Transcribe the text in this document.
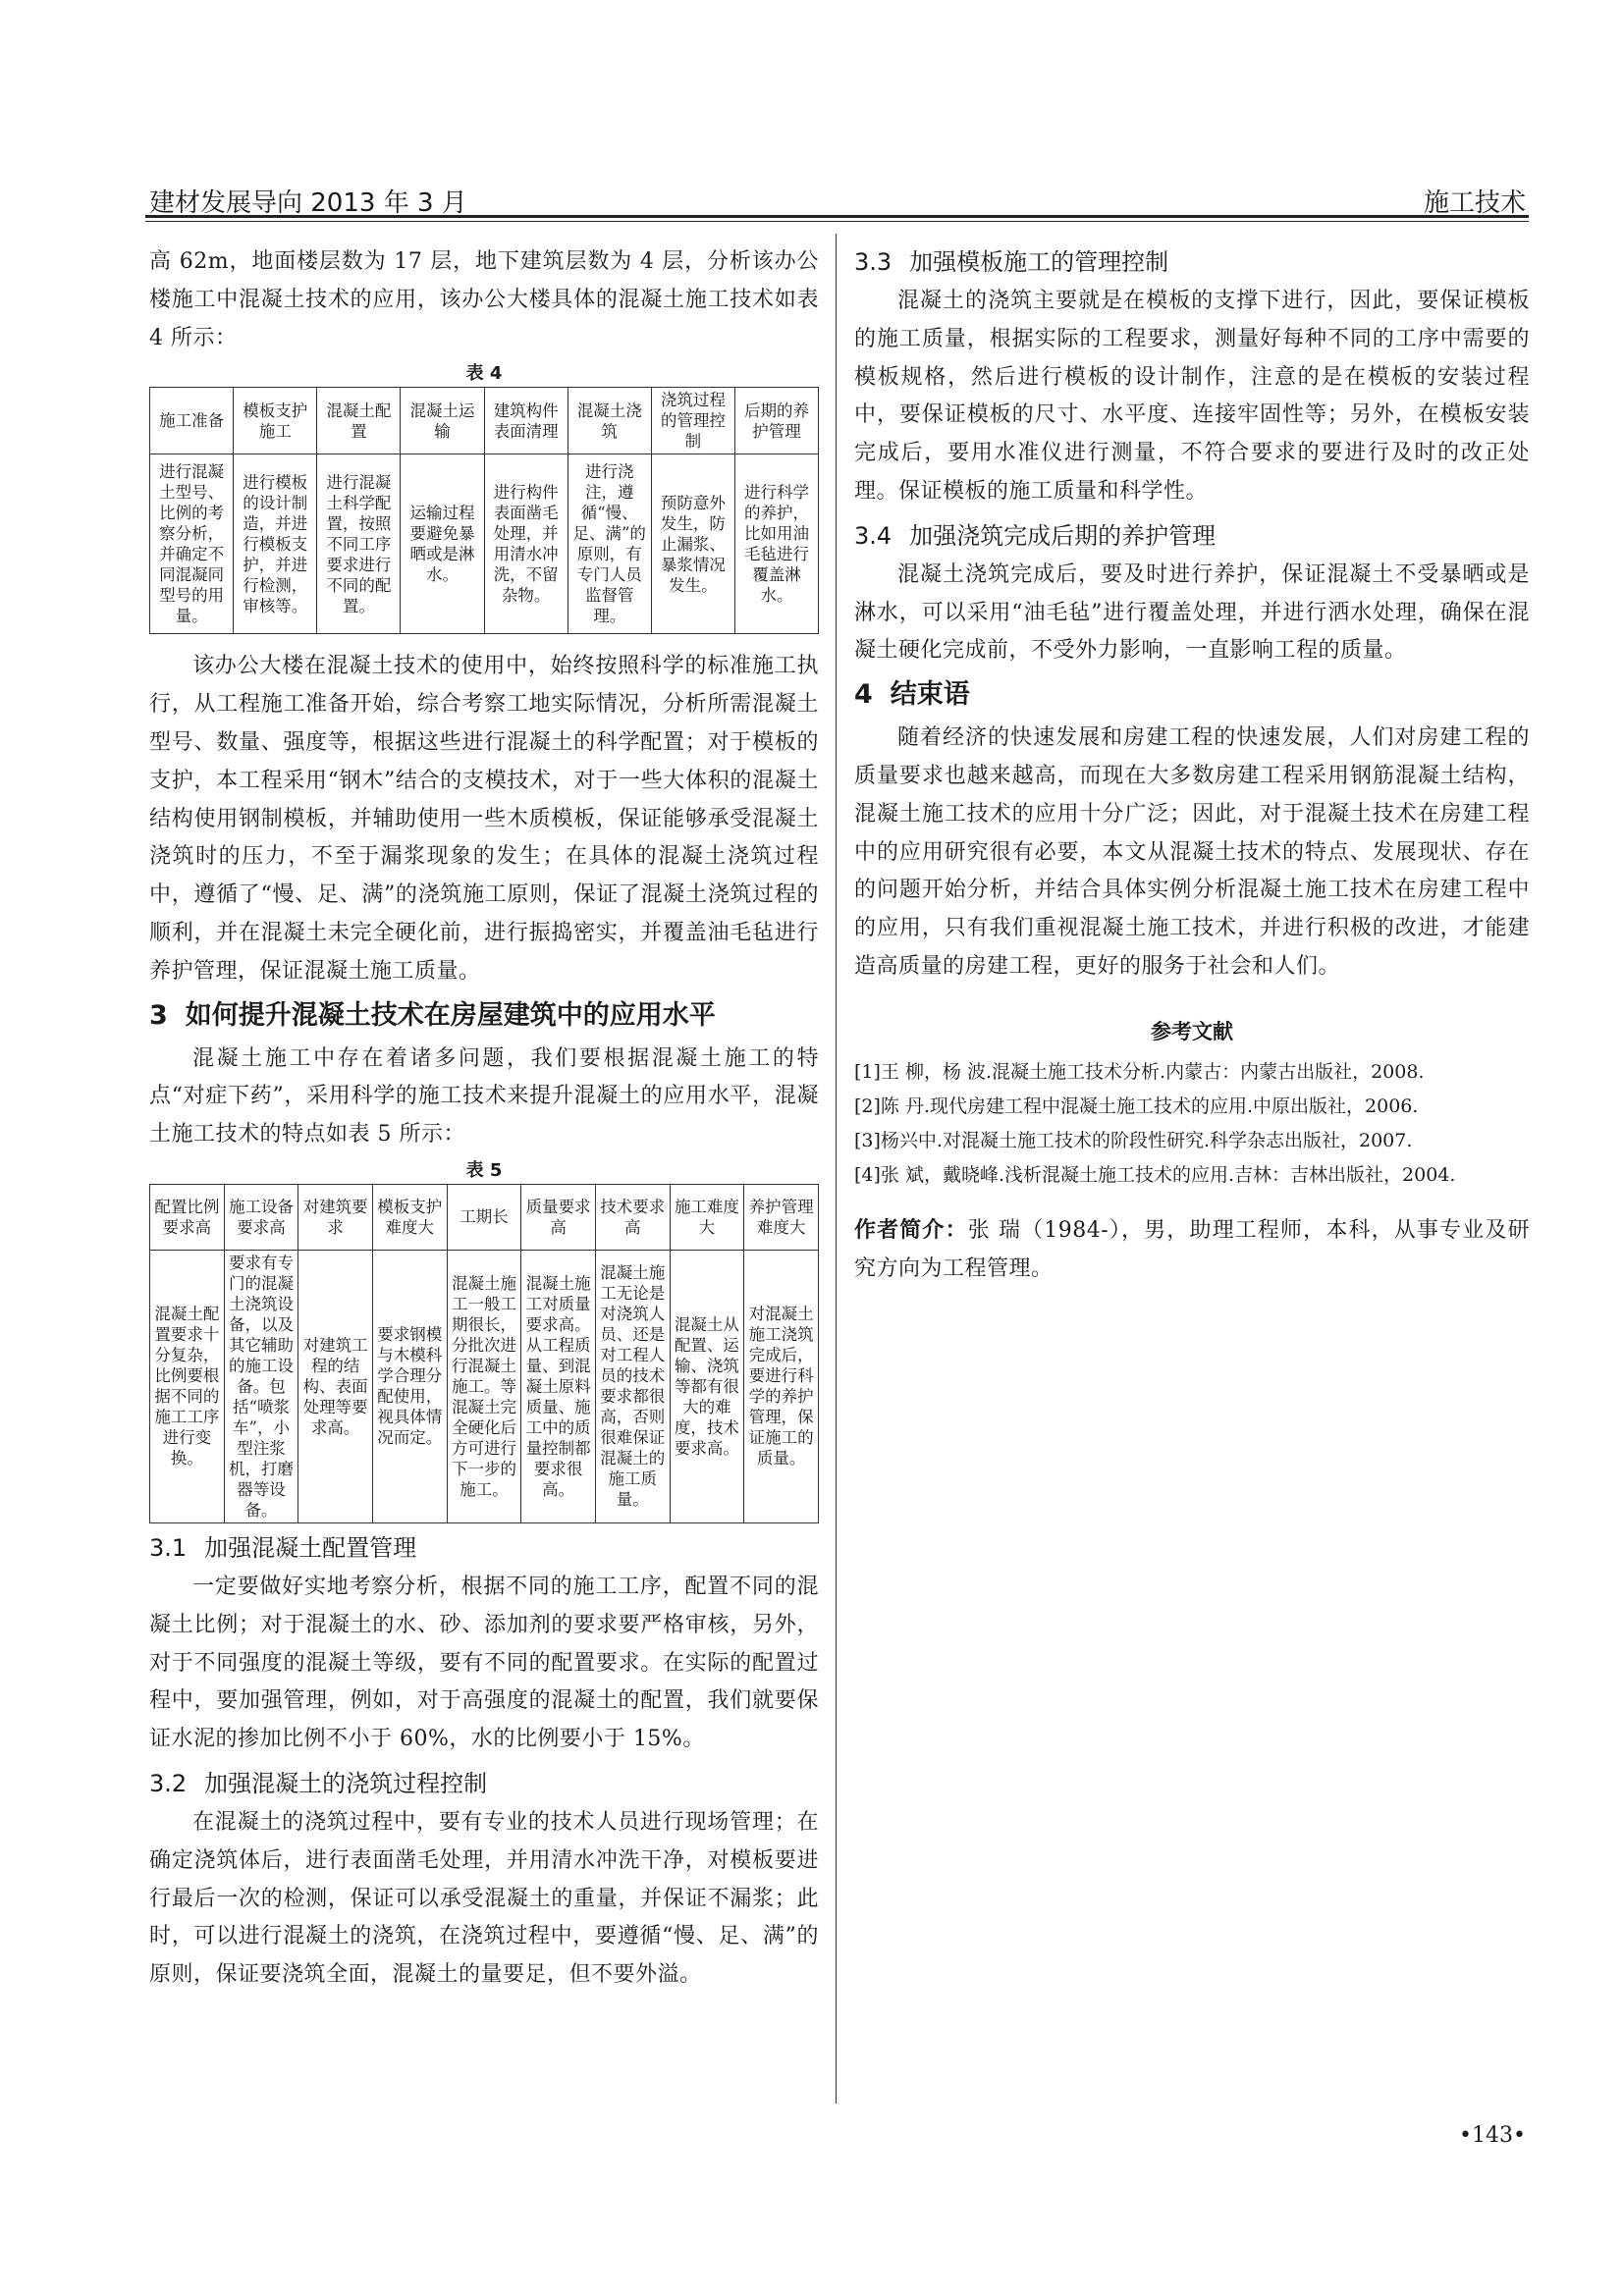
建材发展导向 2013 年 3 月	施工技术

高 62m，地面楼层数为 17 层，地下建筑层数为 4 层，分析该办公楼施工中混凝土技术的应用，该办公大楼具体的混凝土施工技术如表 4 所示：

表 4
施工准备	模板支护施工	混凝土配置	混凝土运输	建筑构件表面清理	混凝土浇筑	浇筑过程的管理控制	后期的养护管理
进行混凝土型号、比例的考察分析，并确定不同混凝同型号的用量。	进行模板的设计制造，并进行模板支护，并进行检测，审核等。	进行混凝土科学配置，按照不同工序要求进行不同的配置。	运输过程要避免暴晒或是淋水。	进行构件表面凿毛处理，并用清水冲洗，不留杂物。	进行浇注，遵循“慢、足、满”的原则，有专门人员监督管理。	预防意外发生，防止漏浆、暴浆情况发生。	进行科学的养护，比如用油毛毡进行覆盖淋水。

该办公大楼在混凝土技术的使用中，始终按照科学的标准施工执行，从工程施工准备开始，综合考察工地实际情况，分析所需混凝土型号、数量、强度等，根据这些进行混凝土的科学配置；对于模板的支护，本工程采用“钢木”结合的支模技术，对于一些大体积的混凝土结构使用钢制模板，并辅助使用一些木质模板，保证能够承受混凝土浇筑时的压力，不至于漏浆现象的发生；在具体的混凝土浇筑过程中，遵循了“慢、足、满”的浇筑施工原则，保证了混凝土浇筑过程的顺利，并在混凝土未完全硬化前，进行振捣密实，并覆盖油毛毡进行养护管理，保证混凝土施工质量。

3 如何提升混凝土技术在房屋建筑中的应用水平

混凝土施工中存在着诸多问题，我们要根据混凝土施工的特点“对症下药”，采用科学的施工技术来提升混凝土的应用水平，混凝土施工技术的特点如表 5 所示：

表 5
配置比例要求高	施工设备要求高	对建筑要求	模板支护难度大	工期长	质量要求高	技术要求高	施工难度大	养护管理难度大
混凝土配置要求十分复杂，比例要根据不同的施工工序进行变换。	要求有专门的混凝土浇筑设备，以及其它辅助的施工设备。包括“喷浆车”，小型注浆机，打磨器等设备。	对建筑工程的结构、表面处理等要求高。	要求钢模与木模科学合理分配使用，视具体情况而定。	混凝土施工一般工期很长，分批次进行混凝土施工。等混凝土完全硬化后方可进行下一步的施工。	混凝土施工对质量要求高。从工程质量、到混凝土原料质量、施工中的质量控制都要求很高。	混凝土施工无论是对浇筑人员、还是对工程人员的技术要求都很高，否则很难保证混凝土的施工质量。	混凝土从配置、运输、浇筑等都有很大的难度，技术要求高。	对混凝土施工浇筑完成后，要进行科学的养护管理，保证施工的质量。
3.1 加强混凝土配置管理

一定要做好实地考察分析，根据不同的施工工序，配置不同的混凝土比例；对于混凝土的水、砂、添加剂的要求要严格审核，另外，对于不同强度的混凝土等级，要有不同的配置要求。在实际的配置过程中，要加强管理，例如，对于高强度的混凝土的配置，我们就要保证水泥的掺加比例不小于 60%，水的比例要小于 15%。

3.2 加强混凝土的浇筑过程控制

在混凝土的浇筑过程中，要有专业的技术人员进行现场管理；在确定浇筑体后，进行表面凿毛处理，并用清水冲洗干净，对模板要进行最后一次的检测，保证可以承受混凝土的重量，并保证不漏浆；此时，可以进行混凝土的浇筑，在浇筑过程中，要遵循“慢、足、满”的原则，保证要浇筑全面，混凝土的量要足，但不要外溢。

3.3 加强模板施工的管理控制

混凝土的浇筑主要就是在模板的支撑下进行，因此，要保证模板的施工质量，根据实际的工程要求，测量好每种不同的工序中需要的模板规格，然后进行模板的设计制作，注意的是在模板的安装过程中，要保证模板的尺寸、水平度、连接牢固性等；另外，在模板安装完成后，要用水准仪进行测量，不符合要求的要进行及时的改正处理。保证模板的施工质量和科学性。

3.4 加强浇筑完成后期的养护管理

混凝土浇筑完成后，要及时进行养护，保证混凝土不受暴晒或是淋水，可以采用“油毛毡”进行覆盖处理，并进行洒水处理，确保在混凝土硬化完成前，不受外力影响，一直影响工程的质量。

4 结束语

随着经济的快速发展和房建工程的快速发展，人们对房建工程的质量要求也越来越高，而现在大多数房建工程采用钢筋混凝土结构，混凝土施工技术的应用十分广泛；因此，对于混凝土技术在房建工程中的应用研究很有必要，本文从混凝土技术的特点、发展现状、存在的问题开始分析，并结合具体实例分析混凝土施工技术在房建工程中的应用，只有我们重视混凝土施工技术，并进行积极的改进，才能建造高质量的房建工程，更好的服务于社会和人们。

参考文献

[1]王 柳，杨 波.混凝土施工技术分析.内蒙古：内蒙古出版社，2008.

[2]陈 丹.现代房建工程中混凝土施工技术的应用.中原出版社，2006.

[3]杨兴中.对混凝土施工技术的阶段性研究.科学杂志出版社，2007.

[4]张 斌，戴晓峰.浅析混凝土施工技术的应用.吉林：吉林出版社，2004.

作者简介：张 瑞（1984-），男，助理工程师，本科，从事专业及研究方向为工程管理。

•143•
